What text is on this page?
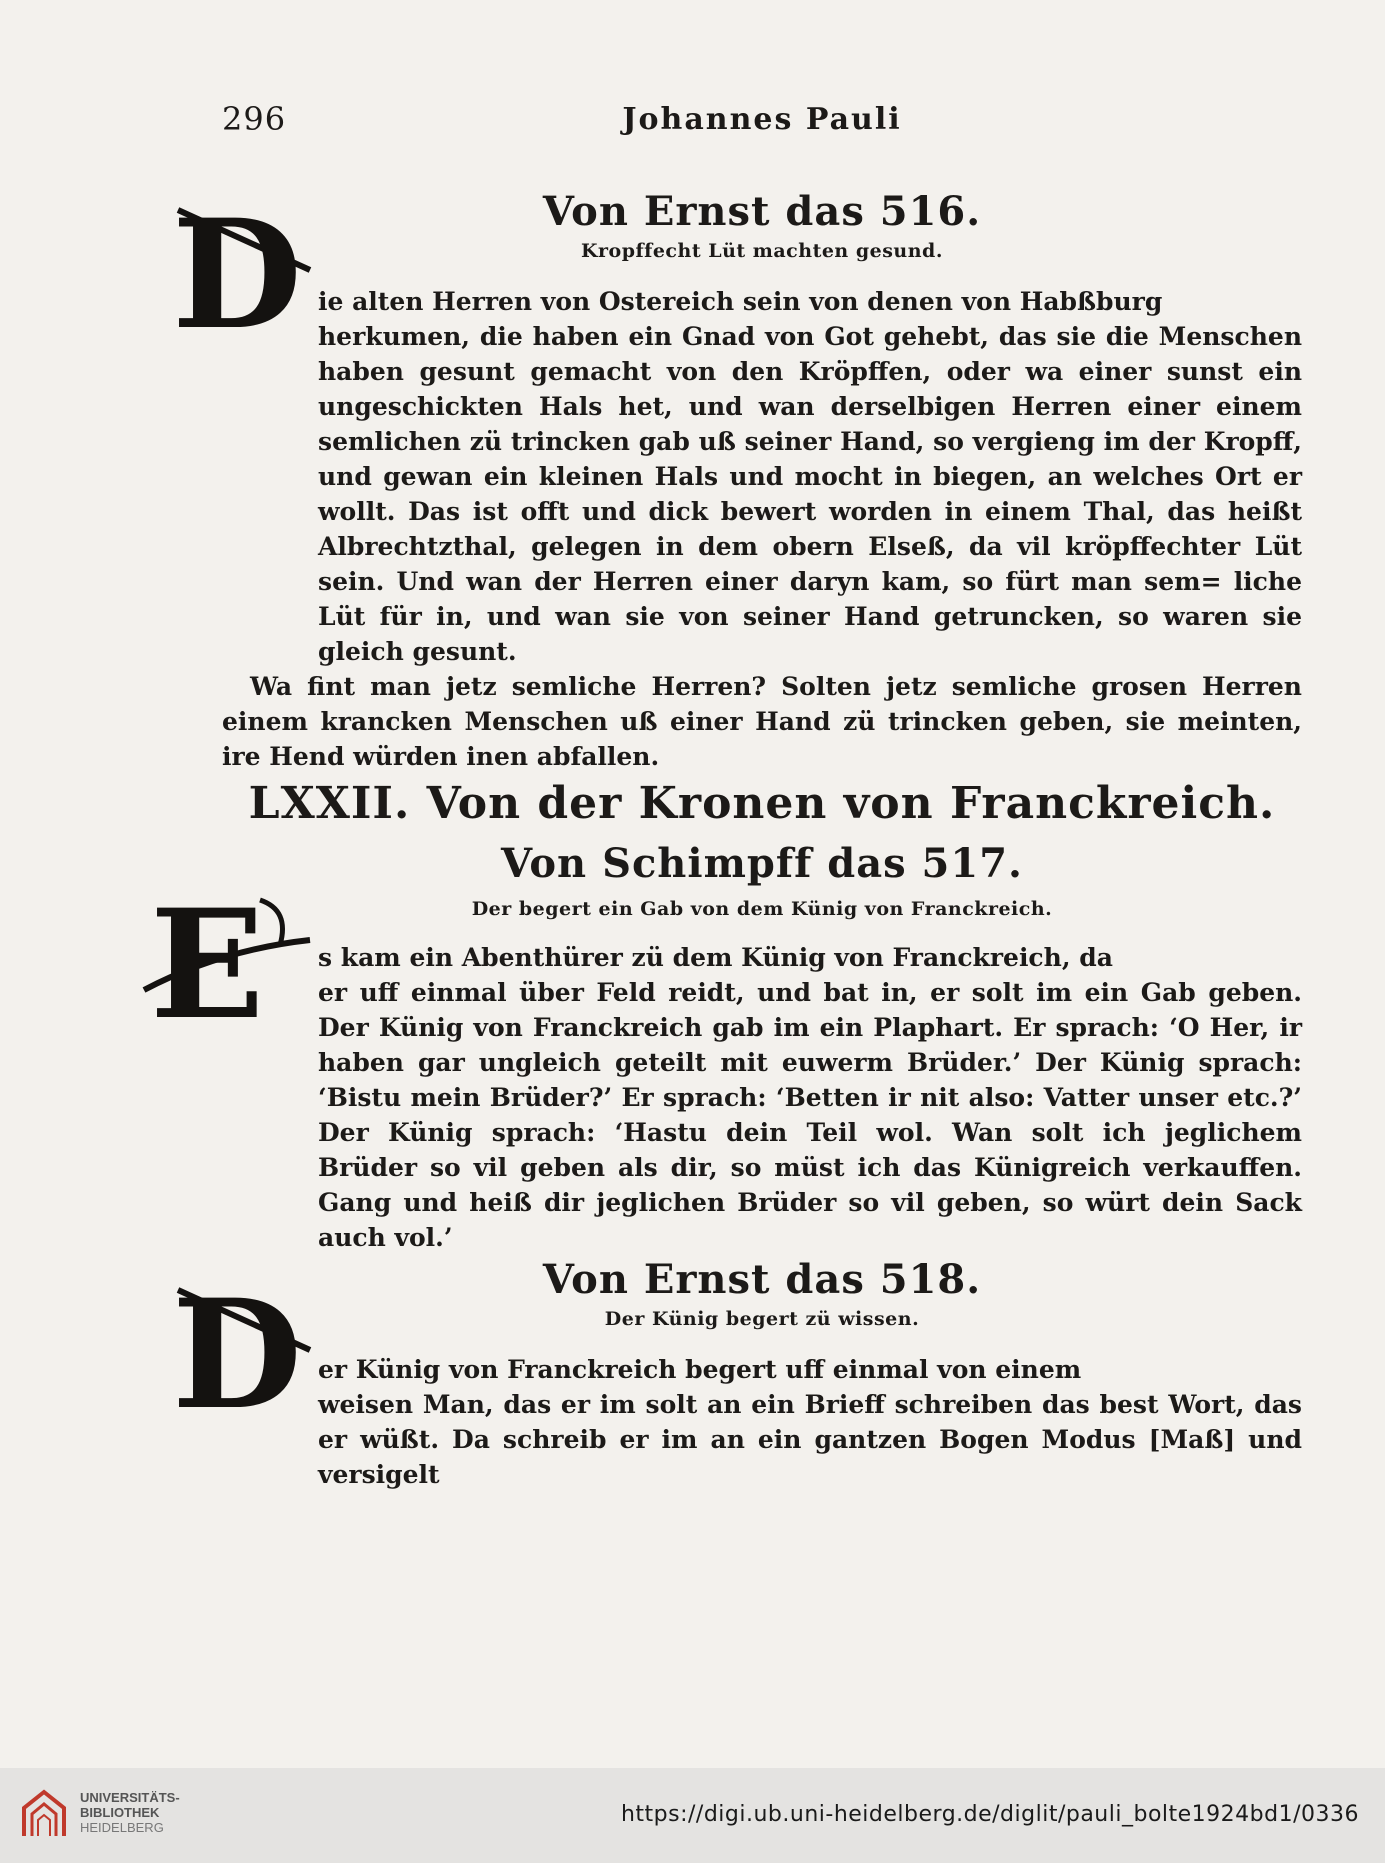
296	Johannes Pauli
Von Ernst das 516.
Kropffecht Lüt machten gesund.
D ie alten Herren von Ostereich sein von denen von Habßburg

herkumen, die haben ein Gnad von Got gehebt, das sie die Menschen haben gesunt gemacht von den Kröpffen, oder wa einer sunst ein ungeschickten Hals het, und wan derselbigen Herren einer einem semlichen zü trincken gab uß seiner Hand, so vergieng im der Kropff, und gewan ein kleinen Hals und mocht in biegen, an welches Ort er wollt. Das ist offt und dick bewert worden in einem Thal, das heißt Albrechtzthal, gelegen in dem obern Elseß, da vil kröpffechter Lüt sein. Und wan der Herren einer daryn kam, so fürt man sem= liche Lüt für in, und wan sie von seiner Hand getruncken, so waren sie gleich gesunt.

Wa fint man jetz semliche Herren? Solten jetz semliche grosen Herren einem krancken Menschen uß einer Hand zü trincken geben, sie meinten, ire Hend würden inen abfallen.

LXXII. Von der Kronen von Franckreich.
Von Schimpff das 517.
Der begert ein Gab von dem Künig von Franckreich.
E	s kam ein Abenthürer zü dem Künig von Franckreich, da

er uff einmal über Feld reidt, und bat in, er solt im ein Gab geben. Der Künig von Franckreich gab im ein Plaphart. Er sprach: ‘O Her, ir haben gar ungleich geteilt mit euwerm Brüder.’ Der Künig sprach: ‘Bistu mein Brüder?’ Er sprach: ‘Betten ir nit also: Vatter unser etc.?’ Der Künig sprach: ‘Hastu dein Teil wol. Wan solt ich jeglichem Brüder so vil geben als dir, so müst ich das Künigreich verkauffen. Gang und heiß dir jeglichen Brüder so vil geben, so würt dein Sack auch vol.’

Von Ernst das 518.
Der Künig begert zü wissen.
D er Künig von Franckreich begert uff einmal von einem

weisen Man, das er im solt an ein Brieff schreiben das best Wort, das er wüßt. Da schreib er im an ein gantzen Bogen Modus [Maß] und versigelt

UNIVERSITÄTS-
BIBLIOTHEK
HEIDELBERG
https://digi.ub.uni-heidelberg.de/diglit/pauli_bolte1924bd1/0336
